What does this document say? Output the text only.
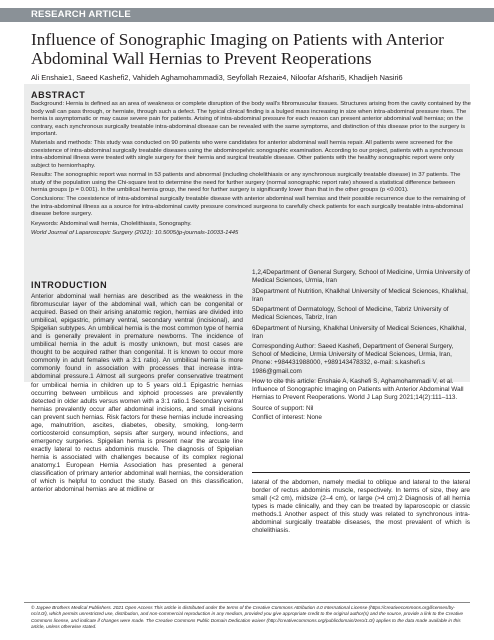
RESEARCH ARTICLE
Influence of Sonographic Imaging on Patients with Anterior Abdominal Wall Hernias to Prevent Reoperations
Ali Enshaie1, Saeed Kashefi2, Vahideh Aghamohammadi3, Seyfollah Rezaie4, Niloofar Afshari5, Khadijeh Nasiri6
ABSTRACT

Background: Hernia is defined as an area of weakness or complete disruption of the body wall's fibromuscular tissues. Structures arising from the cavity contained by the body wall can pass through, or herniate, through such a defect. The typical clinical finding is a bulged mass increasing in size when intra-abdominal pressure rises. The hernia is asymptomatic or may cause severe pain for patients. Arising of intra-abdominal pressure for each reason can present anterior abdominal wall hernias; on the contrary, each synchronous surgically treatable intra-abdominal disease can be revealed with the same symptoms, and distinction of this disease prior to the surgery is important.

Materials and methods: This study was conducted on 90 patients who were candidates for anterior abdominal wall hernia repair. All patients were screened for the coexistence of intra-abdominal surgically treatable diseases using the abdominopelvic sonographic examination. According to our project, patients with a synchronous intra-abdominal illness were treated with single surgery for their hernia and surgical treatable disease. Other patients with the healthy sonographic report were only subject to herniorrhaphy.

Results: The sonographic report was normal in 53 patients and abnormal (including cholelithiasis or any synchronous surgically treatable disease) in 37 patients. The study of the population using the Chi-square test to determine the need for further surgery (normal sonographic report rate) showed a statistical difference between hernia groups (p = 0.001). In the umbilical hernia group, the need for further surgery is significantly lower than that in the other groups (p <0.001).

Conclusions: The coexistence of intra-abdominal surgically treatable disease with anterior abdominal wall hernias and their possible recurrence due to the remaining of the intra-abdominal illness as a source for intra-abdominal cavity pressure convinced surgeons to carefully check patients for each surgically treatable intra-abdominal disease before surgery.

Keywords: Abdominal wall hernia, Cholelithiasis, Sonography.

World Journal of Laparoscopic Surgery (2021): 10.5005/jp-journals-10033-1445

INTRODUCTION

Anterior abdominal wall hernias are described as the weakness in the fibromuscular layer of the abdominal wall, which can be congenital or acquired. Based on their arising anatomic region, hernias are divided into umbilical, epigastric, primary ventral, secondary ventral (incisional), and Spigelian subtypes. An umbilical hernia is the most common type of hernia and is generally prevalent in premature newborns. The incidence of umbilical hernia in the adult is mostly unknown, but most cases are thought to be acquired rather than congenital. It is known to occur more commonly in adult females with a 3:1 ratio). An umbilical hernia is more commonly found in association with processes that increase intra-abdominal pressure.1 Almost all surgeons prefer conservative treatment for umbilical hernia in children up to 5 years old.1 Epigastric hernias occurring between umbilicus and xiphoid processes are prevalently detected in older adults versus women with a 3:1 ratio.1 Secondary ventral hernias prevalently occur after abdominal incisions, and small incisions can prevent such hernias. Risk factors for these hernias include increasing age, malnutrition, ascites, diabetes, obesity, smoking, long-term corticosteroid consumption, sepsis after surgery, wound infections, and emergency surgeries. Spigelian hernia is present near the arcuate line exactly lateral to rectus abdominis muscle. The diagnosis of Spigelian hernia is associated with challenges because of its complex regional anatomy.1 European Hernia Association has presented a general classification of primary anterior abdominal wall hernias, the consideration of which is helpful to conduct the study. Based on this classification, anterior abdominal hernias are at midline or

1,2,4Department of General Surgery, School of Medicine, Urmia University of Medical Sciences, Urmia, Iran

3Department of Nutrition, Khalkhal University of Medical Sciences, Khalkhal, Iran

5Department of Dermatology, School of Medicine, Tabriz University of Medical Sciences, Tabriz, Iran

6Department of Nursing, Khalkhal University of Medical Sciences, Khalkhal, Iran

Corresponding Author: Saeed Kashefi, Department of General Surgery, School of Medicine, Urmia University of Medical Sciences, Urmia, Iran, Phone: +984431988000, +989143478332, e-mail: s.kashefi.s 1986@gmail.com

How to cite this article: Enshaie A, Kashefi S, Aghamohammadi V, et al. Influence of Sonographic Imaging on Patients with Anterior Abdominal Wall Hernias to Prevent Reoperations. World J Lap Surg 2021;14(2):111–113.

Source of support: Nil

Conflict of interest: None

lateral of the abdomen, namely medial to oblique and lateral to the lateral border of rectus abdominis muscle, respectively. In terms of size, they are small (<2 cm), midsize (2–4 cm), or large (>4 cm).2 Diagnosis of all hernia types is made clinically, and they can be treated by laparoscopic or classic methods.1 Another aspect of this study was related to synchronous intra-abdominal surgically treatable diseases, the most prevalent of which is cholelithiasis.
© Jaypee Brothers Medical Publishers. 2021 Open Access This article is distributed under the terms of the Creative Commons Attribution 4.0 International License (https://creativecommons.org/licenses/by-nc/4.0/), which permits unrestricted use, distribution, and non-commercial reproduction in any medium, provided you give appropriate credit to the original author(s) and the source, provide a link to the Creative Commons license, and indicate if changes were made. The Creative Commons Public Domain Dedication waiver (http://creativecommons.org/publicdomain/zero/1.0/) applies to the data made available in this article, unless otherwise stated.
